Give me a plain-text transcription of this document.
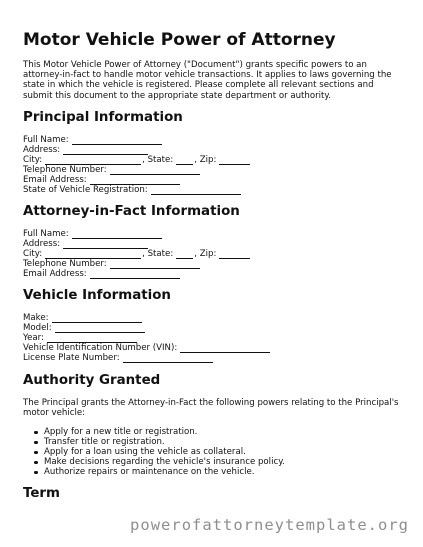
Motor Vehicle Power of Attorney

This Motor Vehicle Power of Attorney ("Document") grants specific powers to an attorney-in-fact to handle motor vehicle transactions. It applies to laws governing the state in which the vehicle is registered. Please complete all relevant sections and submit this document to the appropriate state department or authority.

Principal Information
Full Name:
Address:
City:	, State: , Zip:
Telephone Number:
Email Address:
State of Vehicle Registration:
Attorney-in-Fact Information
Full Name:
Address:
City:	, State: , Zip:
Telephone Number:
Email Address:
Vehicle Information
Make:
Model:
Year:
Vehicle Identification Number (VIN):
License Plate Number:
Authority Granted

The Principal grants the Attorney-in-Fact the following powers relating to the Principal's motor vehicle:

Apply for a new title or registration.
Transfer title or registration.
Apply for a loan using the vehicle as collateral.
Make decisions regarding the vehicle's insurance policy.
Authorize repairs or maintenance on the vehicle.
Term
powerofattorneytemplate.org
